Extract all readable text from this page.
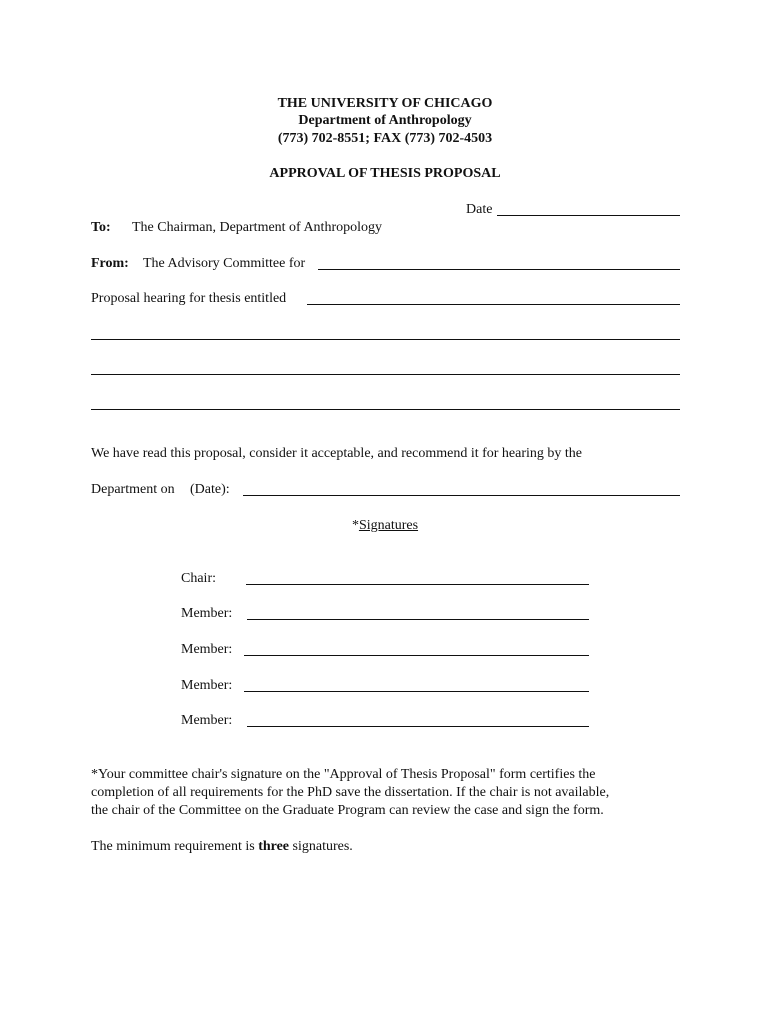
THE UNIVERSITY OF CHICAGO
Department of Anthropology
(773) 702-8551; FAX (773) 702-4503
APPROVAL OF THESIS PROPOSAL
Date
To: The Chairman, Department of Anthropology
From: The Advisory Committee for
Proposal hearing for thesis entitled
We have read this proposal, consider it acceptable, and recommend it for hearing by the
Department on (Date):
*Signatures
Chair:
Member:
Member:
Member:
Member:
*Your committee chair's signature on the "Approval of Thesis Proposal" form certifies the
completion of all requirements for the PhD save the dissertation. If the chair is not available,
the chair of the Committee on the Graduate Program can review the case and sign the form.
The minimum requirement is three signatures.
